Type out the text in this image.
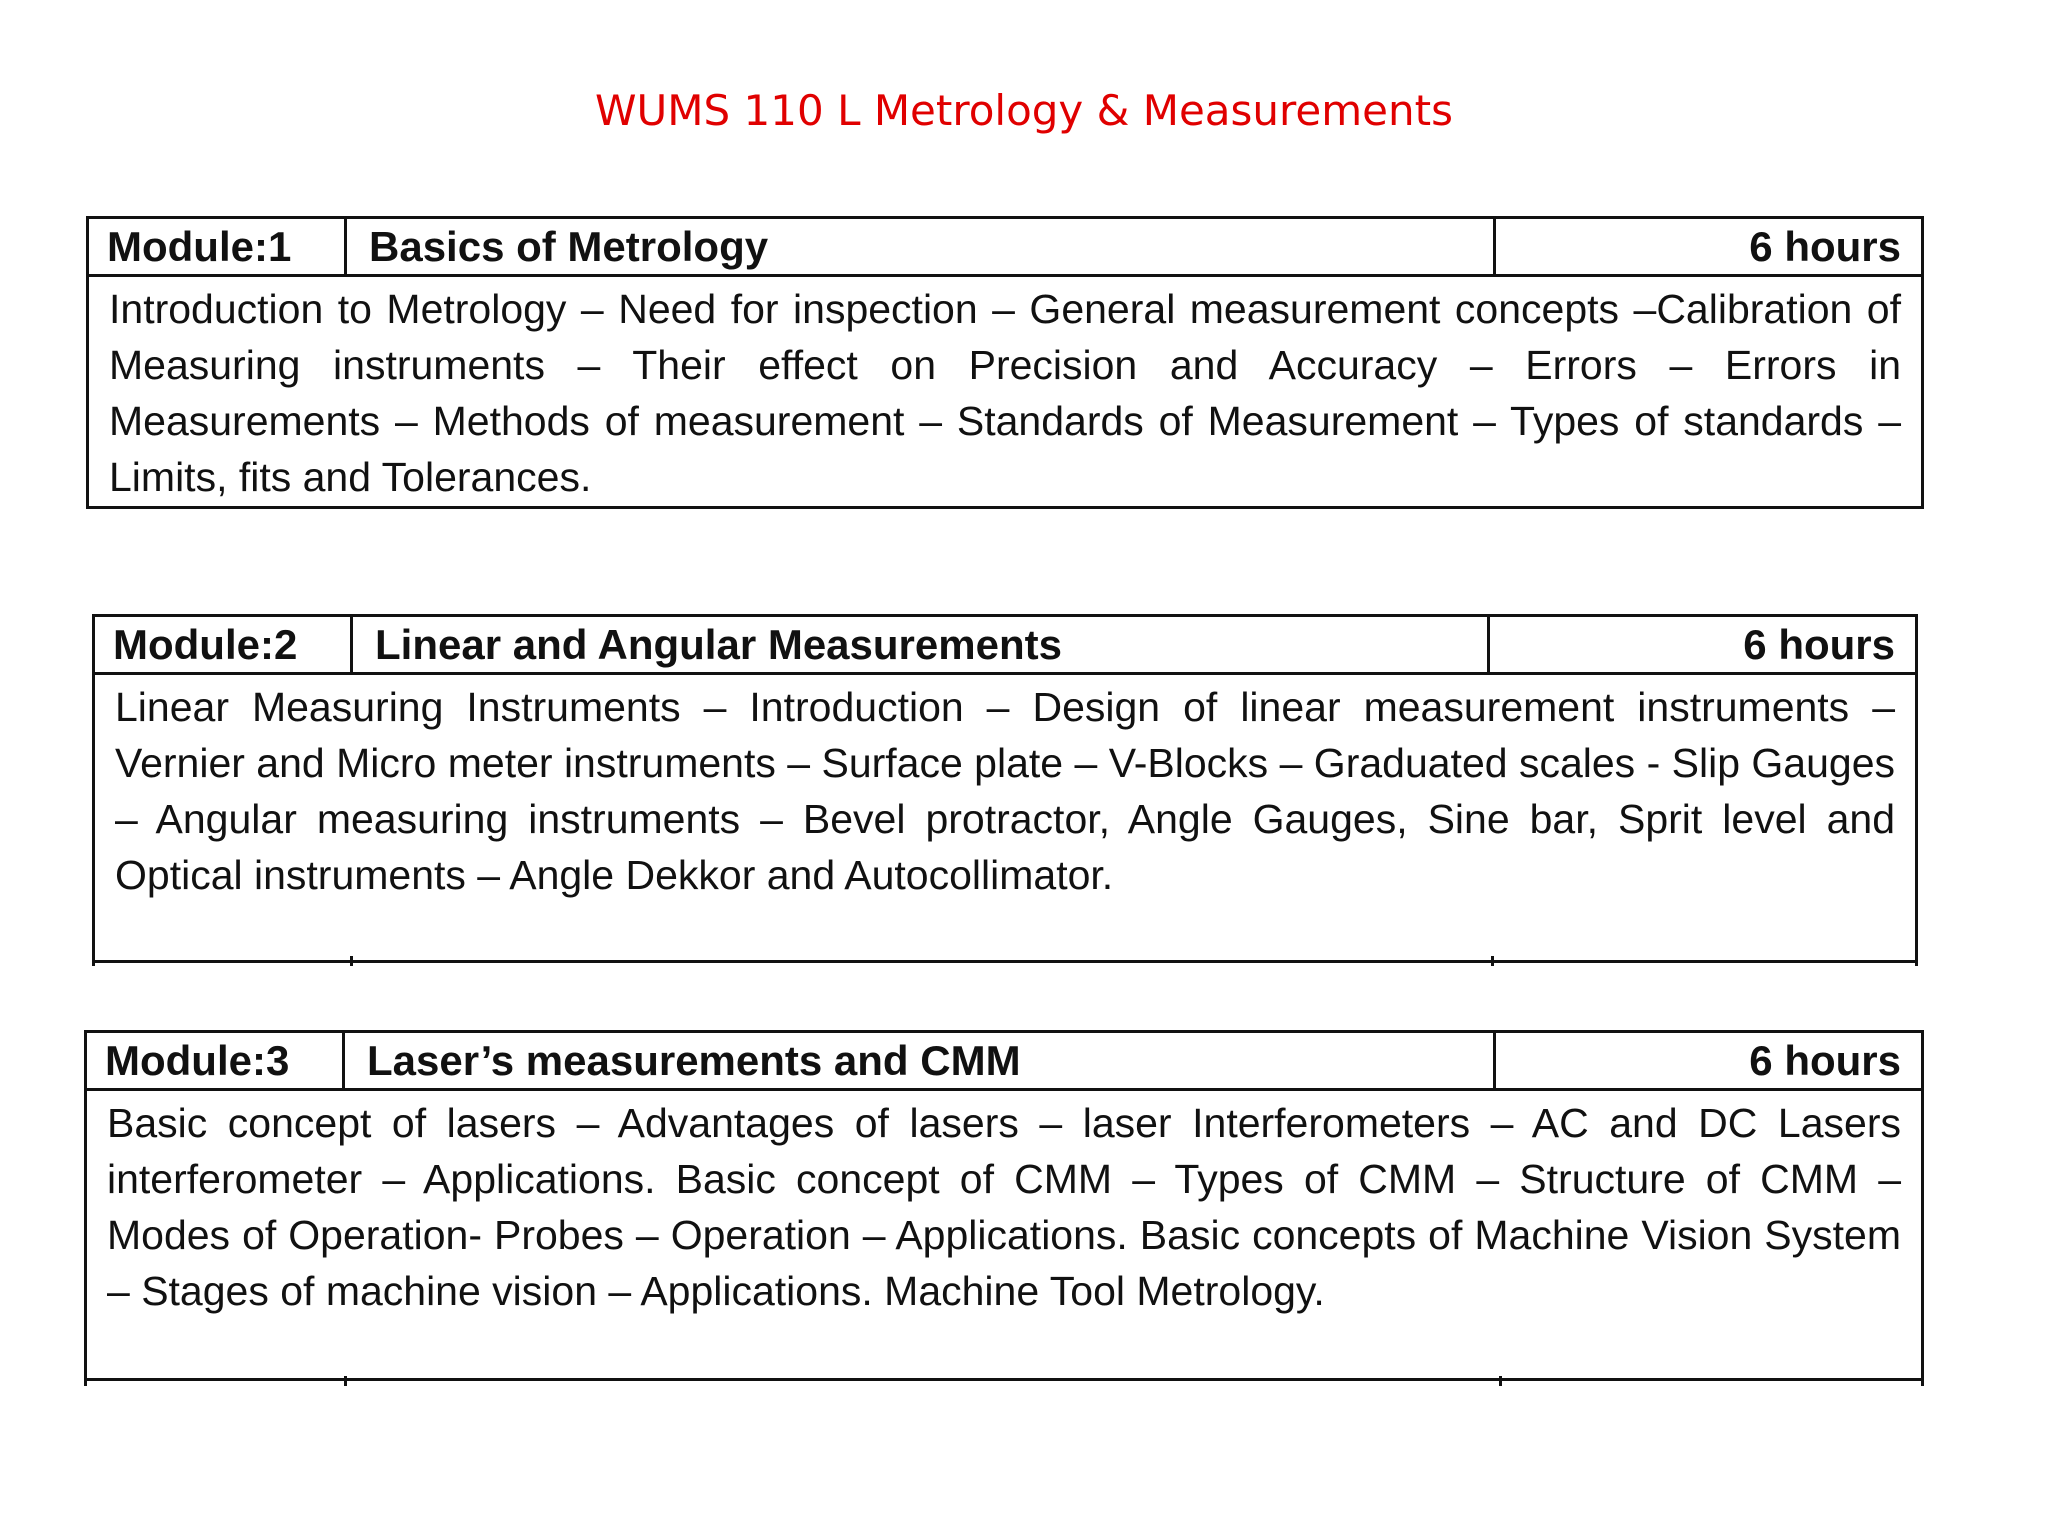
WUMS 110 L Metrology & Measurements
Module:1	Basics of Metrology	6 hours
Introduction to Metrology – Need for inspection – General measurement concepts –Calibration of Measuring instruments – Their effect on Precision and Accuracy – Errors – Errors in Measurements – Methods of measurement – Standards of Measurement – Types of standards – Limits, fits and Tolerances.
Module:2	Linear and Angular Measurements	6 hours
Linear Measuring Instruments – Introduction – Design of linear measurement instruments – Vernier and Micro meter instruments – Surface plate – V-Blocks – Graduated scales - Slip Gauges – Angular measuring instruments – Bevel protractor, Angle Gauges, Sine bar, Sprit level and Optical instruments – Angle Dekkor and Autocollimator.
Module:3	Laser’s measurements and CMM	6 hours
Basic concept of lasers – Advantages of lasers – laser Interferometers – AC and DC Lasers interferometer – Applications. Basic concept of CMM – Types of CMM – Structure of CMM – Modes of Operation- Probes – Operation – Applications. Basic concepts of Machine Vision System – Stages of machine vision – Applications. Machine Tool Metrology.
